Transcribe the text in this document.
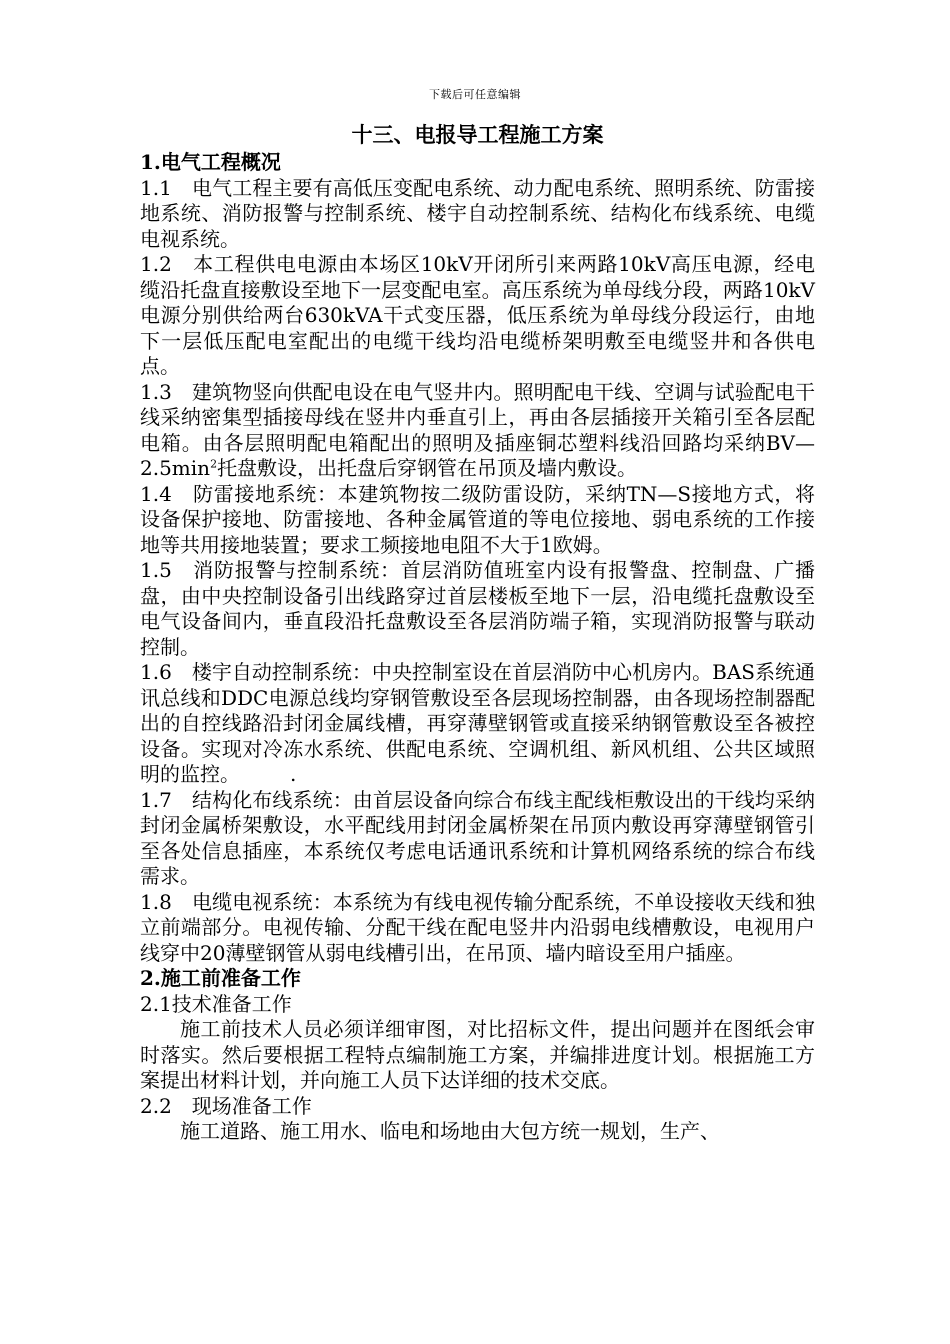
下载后可任意编辑
十三、电报导工程施工方案
1.电气工程概况

1.1　电气工程主要有高低压变配电系统、动力配电系统、照明系统、防雷接地系统、消防报警与控制系统、楼宇自动控制系统、结构化布线系统、电缆电视系统。

1.2　本工程供电电源由本场区10kV开闭所引来两路10kV高压电源，经电缆沿托盘直接敷设至地下一层变配电室。高压系统为单母线分段，两路10kV电源分别供给两台630kVA干式变压器，低压系统为单母线分段运行，由地下一层低压配电室配出的电缆干线均沿电缆桥架明敷至电缆竖井和各供电点。

1.3　建筑物竖向供配电设在电气竖井内。照明配电干线、空调与试验配电干线采纳密集型插接母线在竖井内垂直引上，再由各层插接开关箱引至各层配电箱。由各层照明配电箱配出的照明及插座铜芯塑料线沿回路均采纳$BV—2.5\min^2$托盘敷设，出托盘后穿钢管在吊顶及墙内敷设。

1.4　防雷接地系统：本建筑物按二级防雷设防，采纳TN—S接地方式，将设备保护接地、防雷接地、各种金属管道的等电位接地、弱电系统的工作接地等共用接地装置；要求工频接地电阻不大于1欧姆。

1.5　消防报警与控制系统：首层消防值班室内设有报警盘、控制盘、广播盘，由中央控制设备引出线路穿过首层楼板至地下一层，沿电缆托盘敷设至电气设备间内，垂直段沿托盘敷设至各层消防端子箱，实现消防报警与联动控制。

1.6　楼宇自动控制系统：中央控制室设在首层消防中心机房内。BAS系统通讯总线和DDC电源总线均穿钢管敷设至各层现场控制器，由各现场控制器配出的自控线路沿封闭金属线槽，再穿薄壁钢管或直接采纳钢管敷设至各被控设备。实现对冷冻水系统、供配电系统、空调机组、新风机组、公共区域照明的监控。　　　.

1.7　结构化布线系统：由首层设备向综合布线主配线柜敷设出的干线均采纳封闭金属桥架敷设，水平配线用封闭金属桥架在吊顶内敷设再穿薄壁钢管引至各处信息插座，本系统仅考虑电话通讯系统和计算机网络系统的综合布线需求。

1.8　电缆电视系统：本系统为有线电视传输分配系统，不单设接收天线和独立前端部分。电视传输、分配干线在配电竖井内沿弱电线槽敷设，电视用户线穿中20薄壁钢管从弱电线槽引出，在吊顶、墙内暗设至用户插座。

2.施工前准备工作

2.1技术准备工作

施工前技术人员必须详细审图，对比招标文件，提出问题并在图纸会审时落实。然后要根据工程特点编制施工方案，并编排进度计划。根据施工方案提出材料计划，并向施工人员下达详细的技术交底。

2.2　现场准备工作

施工道路、施工用水、临电和场地由大包方统一规划，生产、
